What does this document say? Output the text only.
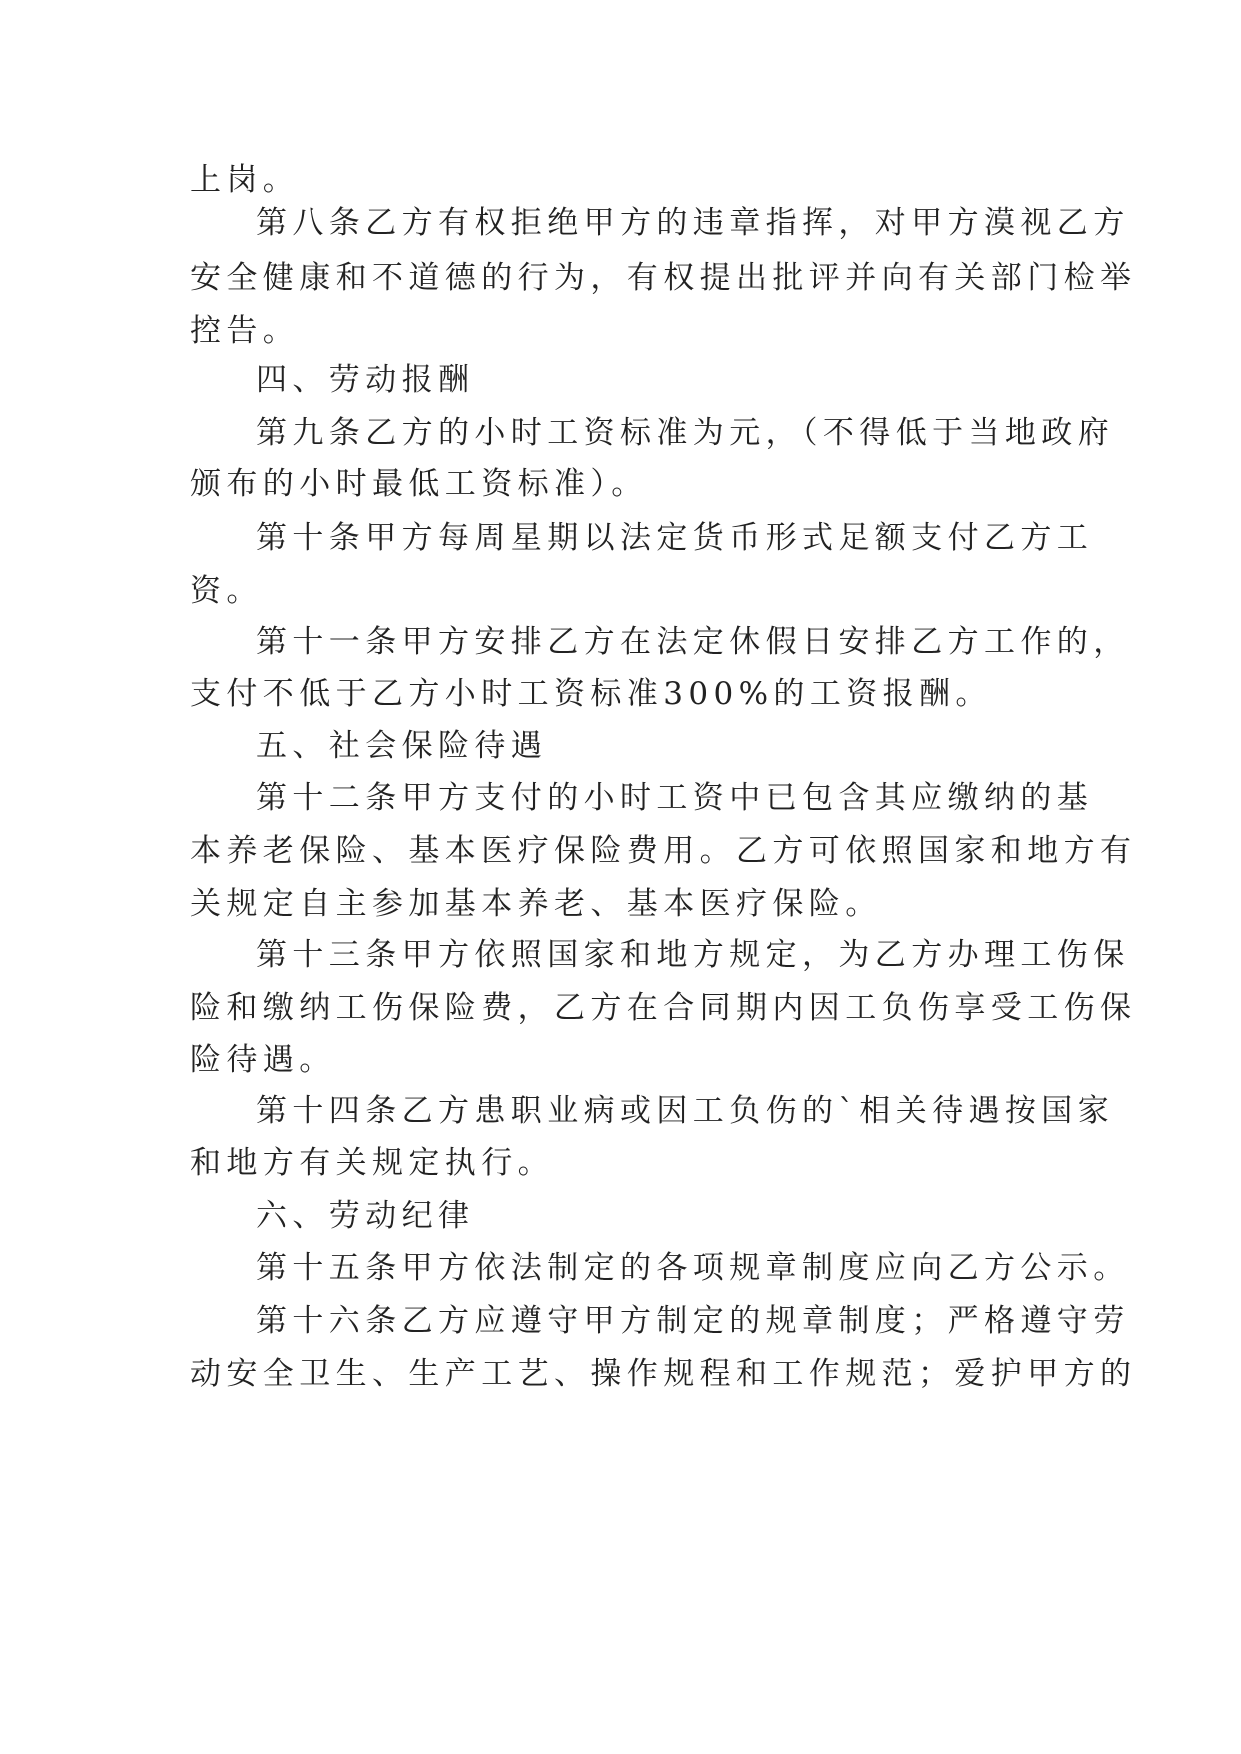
上岗。
第八条乙方有权拒绝甲方的违章指挥，对甲方漠视乙方
安全健康和不道德的行为，有权提出批评并向有关部门检举
控告。
四、劳动报酬
第九条乙方的小时工资标准为元，（不得低于当地政府
颁布的小时最低工资标准）。
第十条甲方每周星期以法定货币形式足额支付乙方工
资。
第十一条甲方安排乙方在法定休假日安排乙方工作的，
支付不低于乙方小时工资标准300%的工资报酬。
五、社会保险待遇
第十二条甲方支付的小时工资中已包含其应缴纳的基
本养老保险、基本医疗保险费用。乙方可依照国家和地方有
关规定自主参加基本养老、基本医疗保险。
第十三条甲方依照国家和地方规定，为乙方办理工伤保
险和缴纳工伤保险费，乙方在合同期内因工负伤享受工伤保
险待遇。
第十四条乙方患职业病或因工负伤的`相关待遇按国家
和地方有关规定执行。
六、劳动纪律
第十五条甲方依法制定的各项规章制度应向乙方公示。
第十六条乙方应遵守甲方制定的规章制度；严格遵守劳
动安全卫生、生产工艺、操作规程和工作规范；爱护甲方的
